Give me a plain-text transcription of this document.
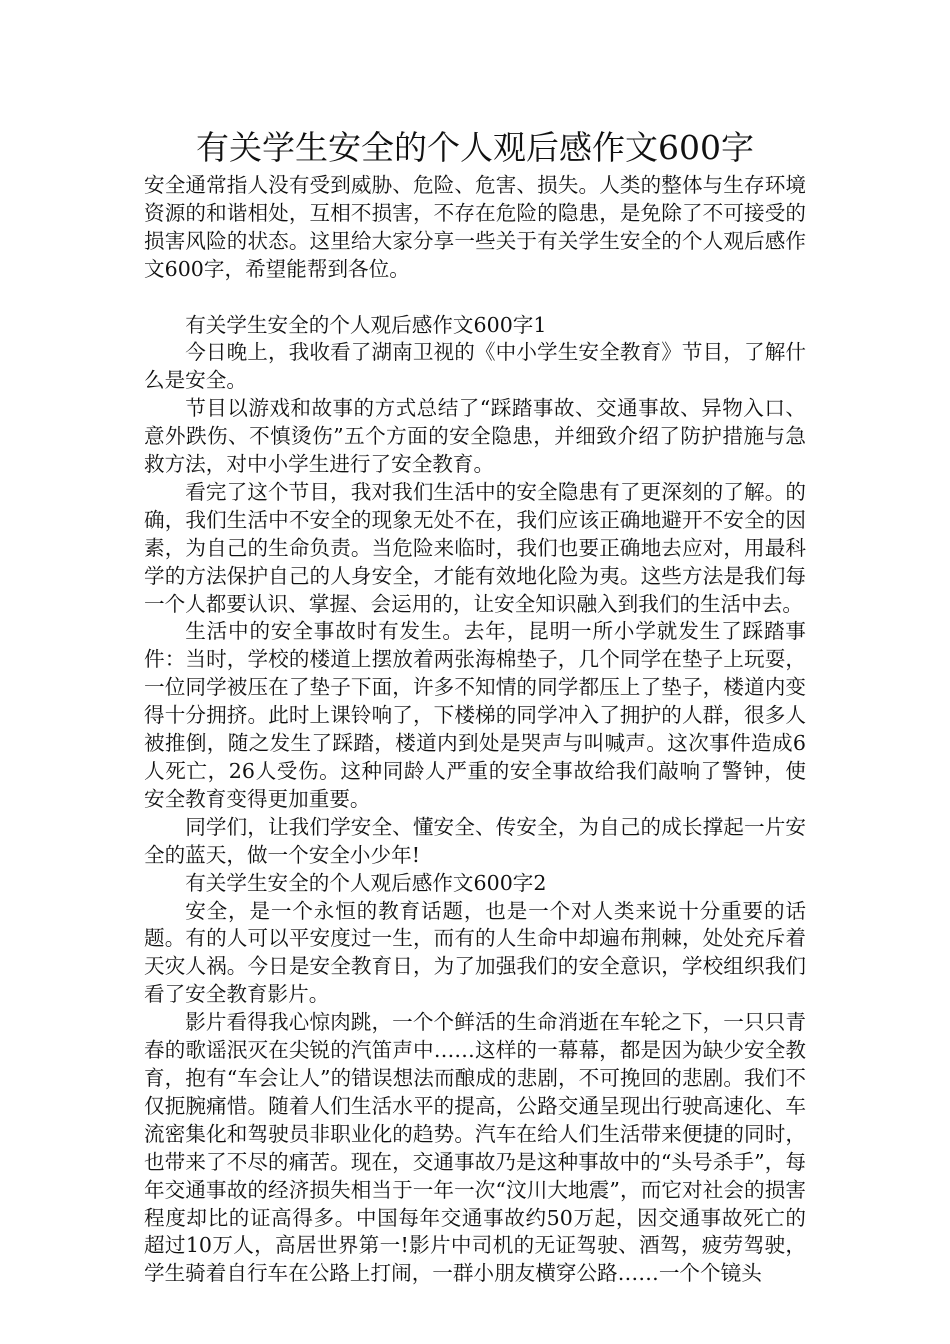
有关学生安全的个人观后感作文600字

安全通常指人没有受到威胁、危险、危害、损失。人类的整体与生存环境资源的和谐相处，互相不损害，不存在危险的隐患，是免除了不可接受的损害风险的状态。这里给大家分享一些关于有关学生安全的个人观后感作文600字，希望能帮到各位。

有关学生安全的个人观后感作文600字1

今日晚上，我收看了湖南卫视的《中小学生安全教育》节目，了解什么是安全。

节目以游戏和故事的方式总结了“踩踏事故、交通事故、异物入口、意外跌伤、不慎烫伤”五个方面的安全隐患，并细致介绍了防护措施与急救方法，对中小学生进行了安全教育。

看完了这个节目，我对我们生活中的安全隐患有了更深刻的了解。的确，我们生活中不安全的现象无处不在，我们应该正确地避开不安全的因素，为自己的生命负责。当危险来临时，我们也要正确地去应对，用最科学的方法保护自己的人身安全，才能有效地化险为夷。这些方法是我们每一个人都要认识、掌握、会运用的，让安全知识融入到我们的生活中去。

生活中的安全事故时有发生。去年，昆明一所小学就发生了踩踏事件：当时，学校的楼道上摆放着两张海棉垫子，几个同学在垫子上玩耍，一位同学被压在了垫子下面，许多不知情的同学都压上了垫子，楼道内变得十分拥挤。此时上课铃响了，下楼梯的同学冲入了拥护的人群，很多人被推倒，随之发生了踩踏，楼道内到处是哭声与叫喊声。这次事件造成6人死亡，26人受伤。这种同龄人严重的安全事故给我们敲响了警钟，使安全教育变得更加重要。

同学们，让我们学安全、懂安全、传安全，为自己的成长撑起一片安全的蓝天，做一个安全小少年!

有关学生安全的个人观后感作文600字2

安全，是一个永恒的教育话题，也是一个对人类来说十分重要的话题。有的人可以平安度过一生，而有的人生命中却遍布荆棘，处处充斥着天灾人祸。今日是安全教育日，为了加强我们的安全意识，学校组织我们看了安全教育影片。

影片看得我心惊肉跳，一个个鲜活的生命消逝在车轮之下，一只只青春的歌谣泯灭在尖锐的汽笛声中……这样的一幕幕，都是因为缺少安全教育，抱有“车会让人”的错误想法而酿成的悲剧，不可挽回的悲剧。我们不仅扼腕痛惜。随着人们生活水平的提高，公路交通呈现出行驶高速化、车流密集化和驾驶员非职业化的趋势。汽车在给人们生活带来便捷的同时，也带来了不尽的痛苦。现在，交通事故乃是这种事故中的“头号杀手”，每年交通事故的经济损失相当于一年一次“汶川大地震”，而它对社会的损害程度却比的证高得多。中国每年交通事故约50万起，因交通事故死亡的超过10万人，高居世界第一!影片中司机的无证驾驶、酒驾，疲劳驾驶，学生骑着自行车在公路上打闹，一群小朋友横穿公路……一个个镜头
